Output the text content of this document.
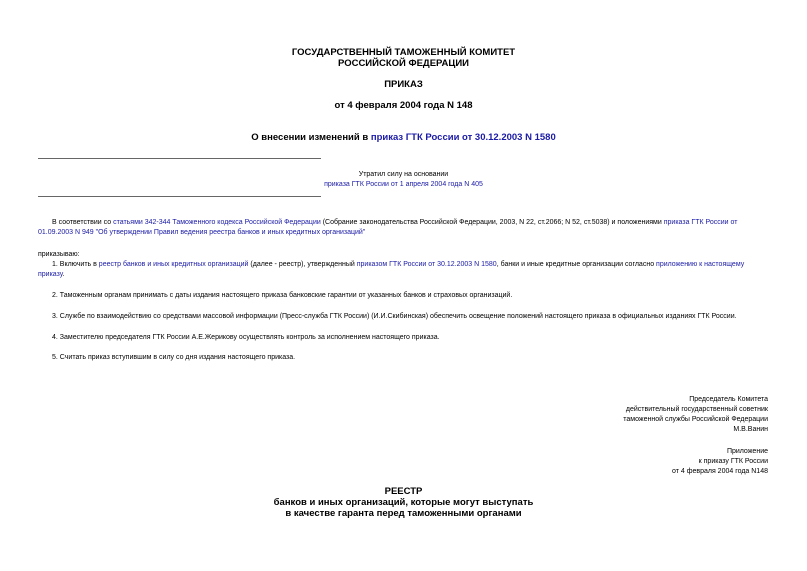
ГОСУДАРСТВЕННЫЙ ТАМОЖЕННЫЙ КОМИТЕТ
РОССИЙСКОЙ ФЕДЕРАЦИИ
ПРИКАЗ
от 4 февраля 2004 года N 148
О внесении изменений в приказ ГТК России от 30.12.2003 N 1580
Утратил силу на основании
приказа ГТК России от 1 апреля 2004 года N 405

В соответствии со статьями 342-344 Таможенного кодекса Российской Федерации (Собрание законодательства Российской Федерации, 2003, N 22, ст.2066; N 52, ст.5038) и положениями приказа ГТК России от 01.09.2003 N 949 "Об утверждении Правил ведения реестра банков и иных кредитных организаций"

приказываю:

1. Включить в реестр банков и иных кредитных организаций (далее - реестр), утвержденный приказом ГТК России от 30.12.2003 N 1580, банки и иные кредитные организации согласно приложению к настоящему приказу.

2. Таможенным органам принимать с даты издания настоящего приказа банковские гарантии от указанных банков и страховых организаций.

3. Службе по взаимодействию со средствами массовой информации (Пресс-служба ГТК России) (И.И.Скибинская) обеспечить освещение положений настоящего приказа в официальных изданиях ГТК России.

4. Заместителю председателя ГТК России А.Е.Жерикову осуществлять контроль за исполнением настоящего приказа.

5. Считать приказ вступившим в силу со дня издания настоящего приказа.

Председатель Комитета
действительный государственный советник
таможенной службы Российской Федерации
М.В.Ванин
Приложение
к приказу ГТК России
от 4 февраля 2004 года N148
РЕЕСТР
банков и иных организаций, которые могут выступать
в качестве гаранта перед таможенными органами
